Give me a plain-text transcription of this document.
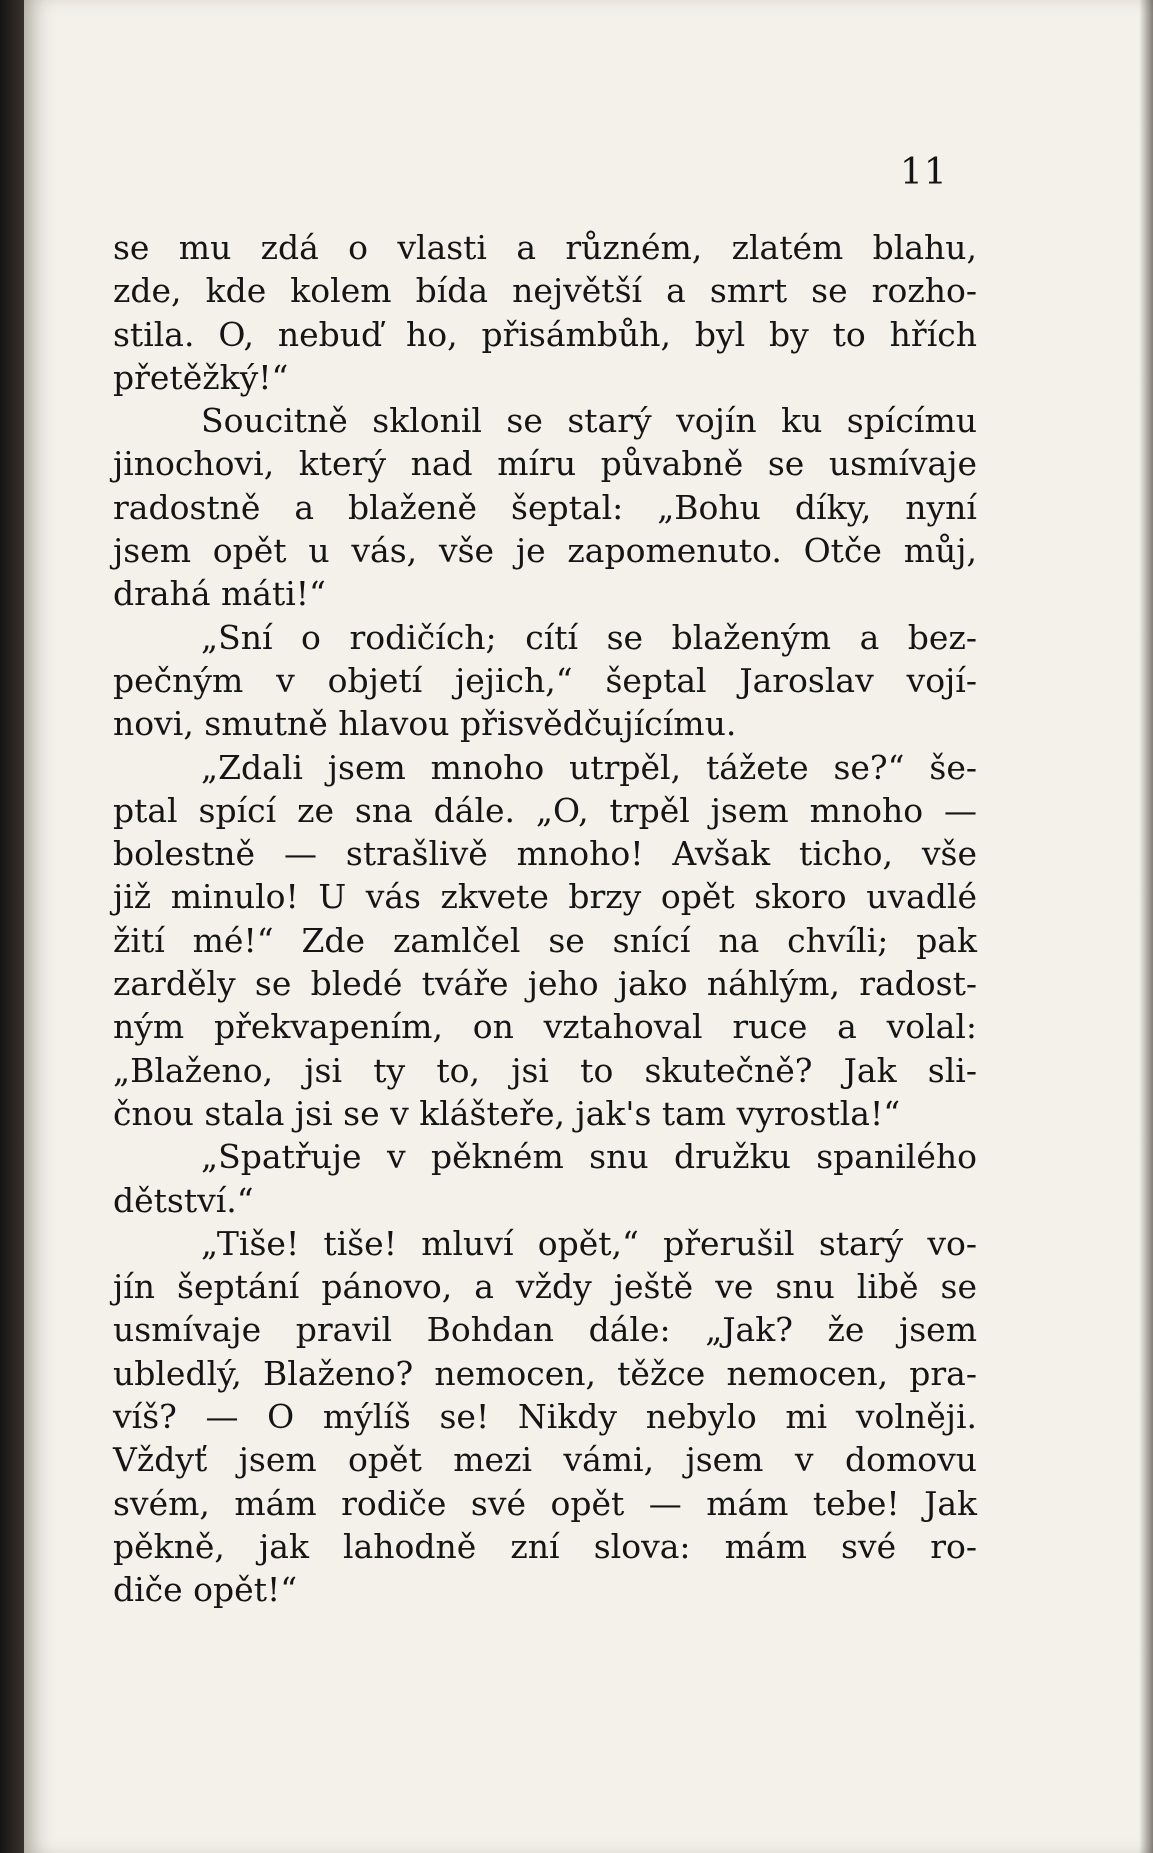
11
se mu zdá o vlasti a různém, zlatém blahu,
zde, kde kolem bída největší a smrt se rozho-
stila. O, nebuď ho, přisámbůh, byl by to hřích
přetěžký!“
Soucitně sklonil se starý vojín ku spícímu
jinochovi, který nad míru půvabně se usmívaje
radostně a blaženě šeptal: „Bohu díky, nyní
jsem opět u vás, vše je zapomenuto. Otče můj,
drahá máti!“
„Sní o rodičích; cítí se blaženým a bez-
pečným v objetí jejich,“ šeptal Jaroslav vojí-
novi, smutně hlavou přisvědčujícímu.
„Zdali jsem mnoho utrpěl, tážete se?“ še-
ptal spící ze sna dále. „O, trpěl jsem mnoho —
bolestně — strašlivě mnoho! Avšak ticho, vše
již minulo! U vás zkvete brzy opět skoro uvadlé
žití mé!“ Zde zamlčel se snící na chvíli; pak
zarděly se bledé tváře jeho jako náhlým, radost-
ným překvapením, on vztahoval ruce a volal:
„Blaženo, jsi ty to, jsi to skutečně? Jak sli-
čnou stala jsi se v klášteře, jak's tam vyrostla!“
„Spatřuje v pěkném snu družku spanilého
dětství.“
„Tiše! tiše! mluví opět,“ přerušil starý vo-
jín šeptání pánovo, a vždy ještě ve snu libě se
usmívaje pravil Bohdan dále: „Jak? že jsem
ubledlý, Blaženo? nemocen, těžce nemocen, pra-
víš? — O mýlíš se! Nikdy nebylo mi volněji.
Vždyť jsem opět mezi vámi, jsem v domovu
svém, mám rodiče své opět — mám tebe! Jak
pěkně, jak lahodně zní slova: mám své ro-
diče opět!“
